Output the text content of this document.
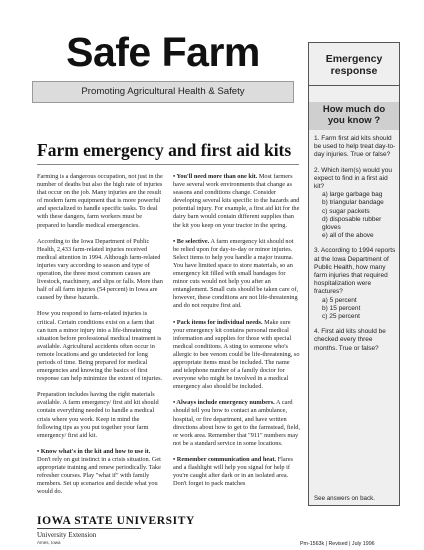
Safe Farm
Promoting Agricultural Health & Safety
Farm emergency and first aid kits

Farming is a dangerous occupation, not just in the number of deaths but also the high rate of injuries that occur on the job. Many injuries are the result of modern farm equipment that is more powerful and specialized to handle specific tasks. To deal with these dangers, farm workers must be prepared to handle medical emergencies.

According to the Iowa Department of Public Health, 2,433 farm-related injuries received medical attention in 1994. Although farm-related injuries vary according to season and type of operation, the three most common causes are livestock, machinery, and slips or falls. More than half of all farm injuries (54 percent) in Iowa are caused by these hazards.

How you respond to farm-related injuries is critical. Certain conditions exist on a farm that can turn a minor injury into a life-threatening situation before professional medical treatment is available. Agricultural accidents often occur in remote locations and go undetected for long periods of time. Being prepared for medical emergencies and knowing the basics of first response can help minimize the extent of injuries.

Preparation includes having the right materials available. A farm emergency/ first aid kit should contain everything needed to handle a medical crisis where you work. Keep in mind the following tips as you put together your farm emergency/ first aid kit.

• Know what's in the kit and how to use it. Don't rely on gut instinct in a crisis situation. Get appropriate training and renew periodically. Take refresher courses. Play "what if" with family members. Set up scenarios and decide what you would do.

• You'll need more than one kit. Most farmers have several work environments that change as seasons and conditions change. Consider developing several kits specific to the hazards and potential injury. For example, a first aid kit for the dairy barn would contain different supplies than the kit you keep on your tractor in the spring.

• Be selective. A farm emergency kit should not be relied upon for day-to-day or minor injuries. Select items to help you handle a major trauma. You have limited space to store materials, so an emergency kit filled with small bandages for minor cuts would not help you after an entanglement. Small cuts should be taken care of, however, these conditions are not life-threatening and do not require first aid.

• Pack items for individual needs. Make sure your emergency kit contains personal medical information and supplies for those with special medical conditions. A sting to someone who's allergic to bee venom could be life-threatening, so appropriate items must be included. The name and telephone number of a family doctor for everyone who might be involved in a medical emergency also should be included.

• Always include emergency numbers. A card should tell you how to contact an ambulance, hospital, or fire department, and have written directions about how to get to the farmstead, field, or work area. Remember that "911" numbers may not be a standard service in some locations.

• Remember communication and heat. Flares and a flashlight will help you signal for help if you're caught after dark or in an isolated area. Don't forget to pack matches

Emergency
response
How much do
you know ?
1. Farm first aid kits should be used to help treat day-to-day injuries. True or false?
2. Which item(s) would you expect to find in a first aid kit?
a) large garbage bag
b) triangular bandage
c) sugar packets
d) disposable rubber gloves
e) all of the above
3. According to 1994 reports at the Iowa Department of Public Health, how many farm injuries that required hospitalization were fractures?
a) 5 percent
b) 15 percent
c) 25 percent
4. First aid kits should be checked every three months. True or false?
See answers on back.
IOWA STATE UNIVERSITY
University Extension
Ames, Iowa	Pm-1563k | Revised | July 1996
